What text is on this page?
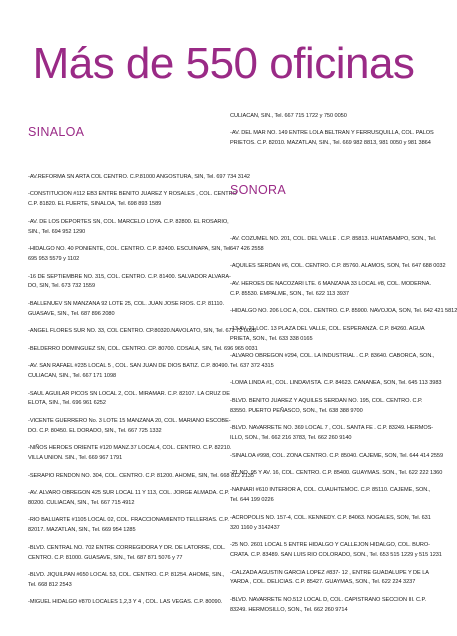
Más de 550 oficinas
SINALOA
-AV.REFORMA SN ARTA COL CENTRO. C.P.81000 ANGOSTURA, SIN, Tel. 697 734 3142
-CONSTITUCION #112 EB3 ENTRE BENITO JUAREZ Y ROSALES , COL. CENTRO
C.P. 81820. EL FUERTE, SINALOA, Tel. 698 893 1589
-AV. DE LOS DEPORTES SN, COL. MARCELO LOYA. C.P. 82800. EL ROSARIO,
SIN., Tel. 694 952 1290
-HIDALGO NO. 40 PONIENTE, COL. CENTRO. C.P. 82400. ESCUINAPA, SIN, Tel.
695 953 5579 y 1102
-16 DE SEPTIEMBRE NO. 315, COL. CENTRO. C.P. 81400. SALVADOR ALVARA-
DO, SIN, Tel. 673 732 1559
-BALLENUEV SN MANZANA 92 LOTE 25, COL. JUAN JOSE RIOS. C.P. 81110.
GUASAVE, SIN., Tel. 687 896 2080
-ANGEL FLORES SUR NO. 33, COL CENTRO. CP.80320.NAVOLATO, SIN, Tel. 672 72 0028
-BELDERRO DOMINGUEZ SN, COL. CENTRO. CP. 80700. COSALA, SIN, Tel. 696 965 0031
-AV. SAN RAFAEL #235 LOCAL 5 , COL. SAN JUAN DE DIOS BATIZ. C.P. 80490.
CULIACAN, SIN., Tel. 667 171 1098
-SAUL AGUILAR PICOS SN LOCAL 2, COL. MIRAMAR. C.P. 82107. LA CRUZ DE
ELOTA, SIN., Tel. 696 961 6252
-VICENTE GUERRERO No. 3 LOTE 15 MANZANA 20, COL. MARIANO ESCOBE-
DO. C.P. 80450. EL DORADO, SIN., Tel. 667 725 1332
-NIÑOS HEROES ORIENTE #120 MANZ.37 LOCAL4, COL. CENTRO. C.P. 82210.
VILLA UNION. SIN., Tel. 669 967 1791
-SERAPIO RENDON NO. 304, COL. CENTRO. C.P. 81200. AHOME, SIN, Tel. 668 812 2135
-AV. ALVARO OBREGON 425 SUR LOCAL 11 Y 113, COL. JORGE ALMADA. C.P.
80200. CULIACAN, SIN., Tel. 667 715 4912
-RIO BALUARTE #1105 LOCAL 02, COL. FRACCIONAMIENTO TELLERIAS. C.P.
82017. MAZATLAN, SIN., Tel. 669 954 1285
-BLVD. CENTRAL NO. 702 ENTRE CORREGIDORA Y DR. DE LATORRE, COL.
CENTRO. C.P. 81000. GUASAVE, SIN., Tel. 687 871 5076 y 77
-BLVD. JIQUILPAN #650 LOCAL 53, COL. CENTRO. C.P. 81254. AHOME, SIN.,
Tel. 668 812 2543
-MIGUEL HIDALGO #870 LOCALES 1,2,3 Y 4 , COL. LAS VEGAS. C.P. 80090.
CULIACAN, SIN., Tel. 667 715 1722 y 750 0050
-AV. DEL MAR NO. 149 ENTRE LOLA BELTRAN Y FERRUSQUILLA, COL. PALOS
PRIETOS. C.P. 82010. MAZATLAN, SIN., Tel. 669 982 8813, 981 0050 y 981 3864
SONORA
-AV. COZUMEL NO. 201, COL. DEL VALLE . C.P. 85813. HUATABAMPO, SON., Tel.
647 426 2558
-AQUILES SERDAN #6, COL. CENTRO. C.P. 85760. ALAMOS, SON, Tel. 647 688 0032
-AV. HEROES DE NACOZARI LTE. 6 MANZANA 33 LOCAL #8, COL. MODERNA.
C.P. 85530. EMPALME, SON., Tel. 622 113 3937
-HIDALGO NO. 206 LOC A, COL. CENTRO. C.P. 85900. NAVOJOA, SON, Tel. 642 421 5812
-13 AV. 21 LOC. 13 PLAZA DEL VALLE, COL. ESPERANZA. C.P. 84260. AGUA
PRIETA, SON., Tel. 633 338 0165
-ALVARO OBREGON #294, COL. LA INDUSTRIAL . C.P. 83640. CABORCA, SON.,
Tel. 637 372 4315
-LOMA LINDA #1, COL. LINDAVISTA. C.P. 84623. CANANEA, SON, Tel. 645 113 3983
-BLVD. BENITO JUAREZ Y AQUILES SERDAN NO. 195, COL. CENTRO. C.P.
83550. PUERTO PEÑASCO, SON., Tel. 638 388 9700
-BLVD. NAVARRETE NO. 369 LOCAL 7 , COL. SANTA FE . C.P. 83249. HERMOS-
ILLO, SON., Tel. 662 216 3783, Tel. 662 260 9140
-SINALOA #998, COL. ZONA CENTRO. C.P. 85040. CAJEME, SON, Tel. 644 414 2559
-21 NO. 95 Y AV. 16, COL. CENTRO. C.P. 85400. GUAYMAS. SON., Tel. 622 222 1360
-NAINARI #610 INTERIOR A, COL. CUAUHTEMOC. C.P. 85110. CAJEME, SON.,
Tel. 644 199 0226
-ACROPOLIS NO. 157-4, COL. KENNEDY. C.P. 84063. NOGALES, SON, Tel. 631
320 1160 y 3142437
-25 NO. 2601 LOCAL 5 ENTRE HIDALGO Y CALLEJON HIDALGO, COL. BURO-
CRATA. C.P. 83489. SAN LUIS RIO COLORADO, SON., Tel. 653 515 1229 y 515 1231
-CALZADA AGUSTIN GARCIA LOPEZ #837- 12 , ENTRE GUADALUPE Y DE LA
YARDA , COL. DELICIAS. C.P. 85427. GUAYMAS, SON., Tel. 622 224 3237
-BLVD. NAVARRETE NO.512 LOCAL D, COL. CAPISTRANO SECCION III. C.P.
83249. HERMOSILLO, SON., Tel. 662 260 9714
